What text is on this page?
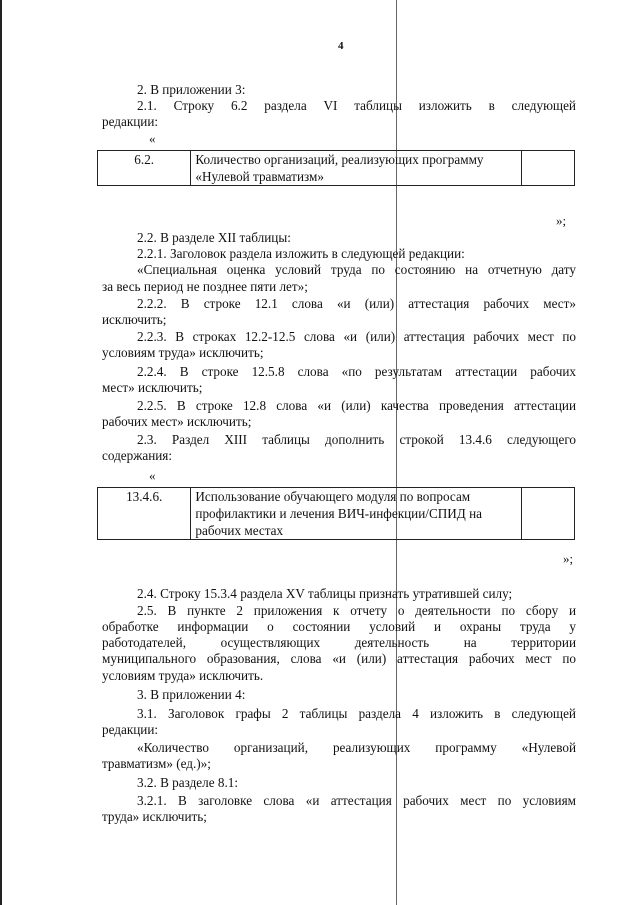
4
2. В приложении 3:
2.1. Строку 6.2 раздела VI таблицы изложить в следующей
редакции:
«
6.2.	Количество организаций, реализующих программу
«Нулевой травматизм»

»;
2.2. В разделе XII таблицы:
2.2.1. Заголовок раздела изложить в следующей редакции:
«Специальная оценка условий труда по состоянию на отчетную дату
за весь период не позднее пяти лет»;
2.2.2. В строке 12.1 слова «и (или) аттестация рабочих мест»
исключить;
2.2.3. В строках 12.2-12.5 слова «и (или) аттестация рабочих мест по
условиям труда» исключить;
2.2.4. В строке 12.5.8 слова «по результатам аттестации рабочих
мест» исключить;
2.2.5. В строке 12.8 слова «и (или) качества проведения аттестации
рабочих мест» исключить;
2.3. Раздел XIII таблицы дополнить строкой 13.4.6 следующего
содержания:
«
13.4.6.	Использование обучающего модуля по вопросам
профилактики и лечения ВИЧ-инфекции/СПИД на
рабочих местах

»;
2.4. Строку 15.3.4 раздела XV таблицы признать утратившей силу;
2.5. В пункте 2 приложения к отчету о деятельности по сбору и
обработке информации о состоянии условий и охраны труда у
работодателей, осуществляющих деятельность на территории
муниципального образования, слова «и (или) аттестация рабочих мест по
условиям труда» исключить.
3. В приложении 4:
3.1. Заголовок графы 2 таблицы раздела 4 изложить в следующей
редакции:
«Количество организаций, реализующих программу «Нулевой
травматизм» (ед.)»;
3.2. В разделе 8.1:
3.2.1. В заголовке слова «и аттестация рабочих мест по условиям
труда» исключить;
